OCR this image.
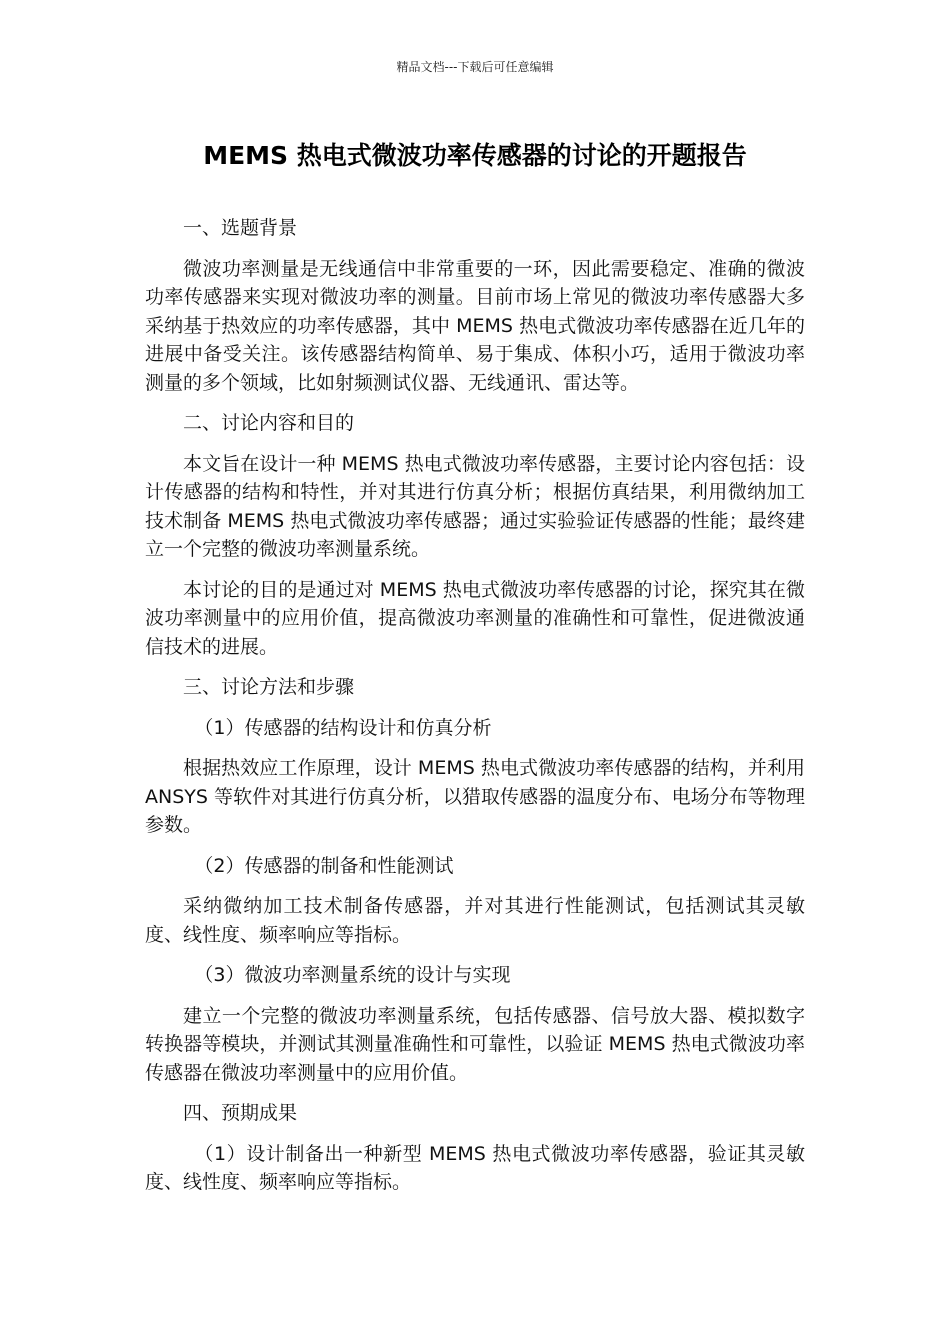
精品文档---下载后可任意编辑
MEMS 热电式微波功率传感器的讨论的开题报告

一、选题背景

微波功率测量是无线通信中非常重要的一环，因此需要稳定、准确的微波功率传感器来实现对微波功率的测量。目前市场上常见的微波功率传感器大多采纳基于热效应的功率传感器，其中 MEMS 热电式微波功率传感器在近几年的进展中备受关注。该传感器结构简单、易于集成、体积小巧，适用于微波功率测量的多个领域，比如射频测试仪器、无线通讯、雷达等。

二、讨论内容和目的

本文旨在设计一种 MEMS 热电式微波功率传感器，主要讨论内容包括：设计传感器的结构和特性，并对其进行仿真分析；根据仿真结果，利用微纳加工技术制备 MEMS 热电式微波功率传感器；通过实验验证传感器的性能；最终建立一个完整的微波功率测量系统。

本讨论的目的是通过对 MEMS 热电式微波功率传感器的讨论，探究其在微波功率测量中的应用价值，提高微波功率测量的准确性和可靠性，促进微波通信技术的进展。

三、讨论方法和步骤

（1）传感器的结构设计和仿真分析

根据热效应工作原理，设计 MEMS 热电式微波功率传感器的结构，并利用 ANSYS 等软件对其进行仿真分析，以猎取传感器的温度分布、电场分布等物理参数。

（2）传感器的制备和性能测试

采纳微纳加工技术制备传感器，并对其进行性能测试，包括测试其灵敏度、线性度、频率响应等指标。

（3）微波功率测量系统的设计与实现

建立一个完整的微波功率测量系统，包括传感器、信号放大器、模拟数字转换器等模块，并测试其测量准确性和可靠性，以验证 MEMS 热电式微波功率传感器在微波功率测量中的应用价值。

四、预期成果

（1）设计制备出一种新型 MEMS 热电式微波功率传感器，验证其灵敏度、线性度、频率响应等指标。
